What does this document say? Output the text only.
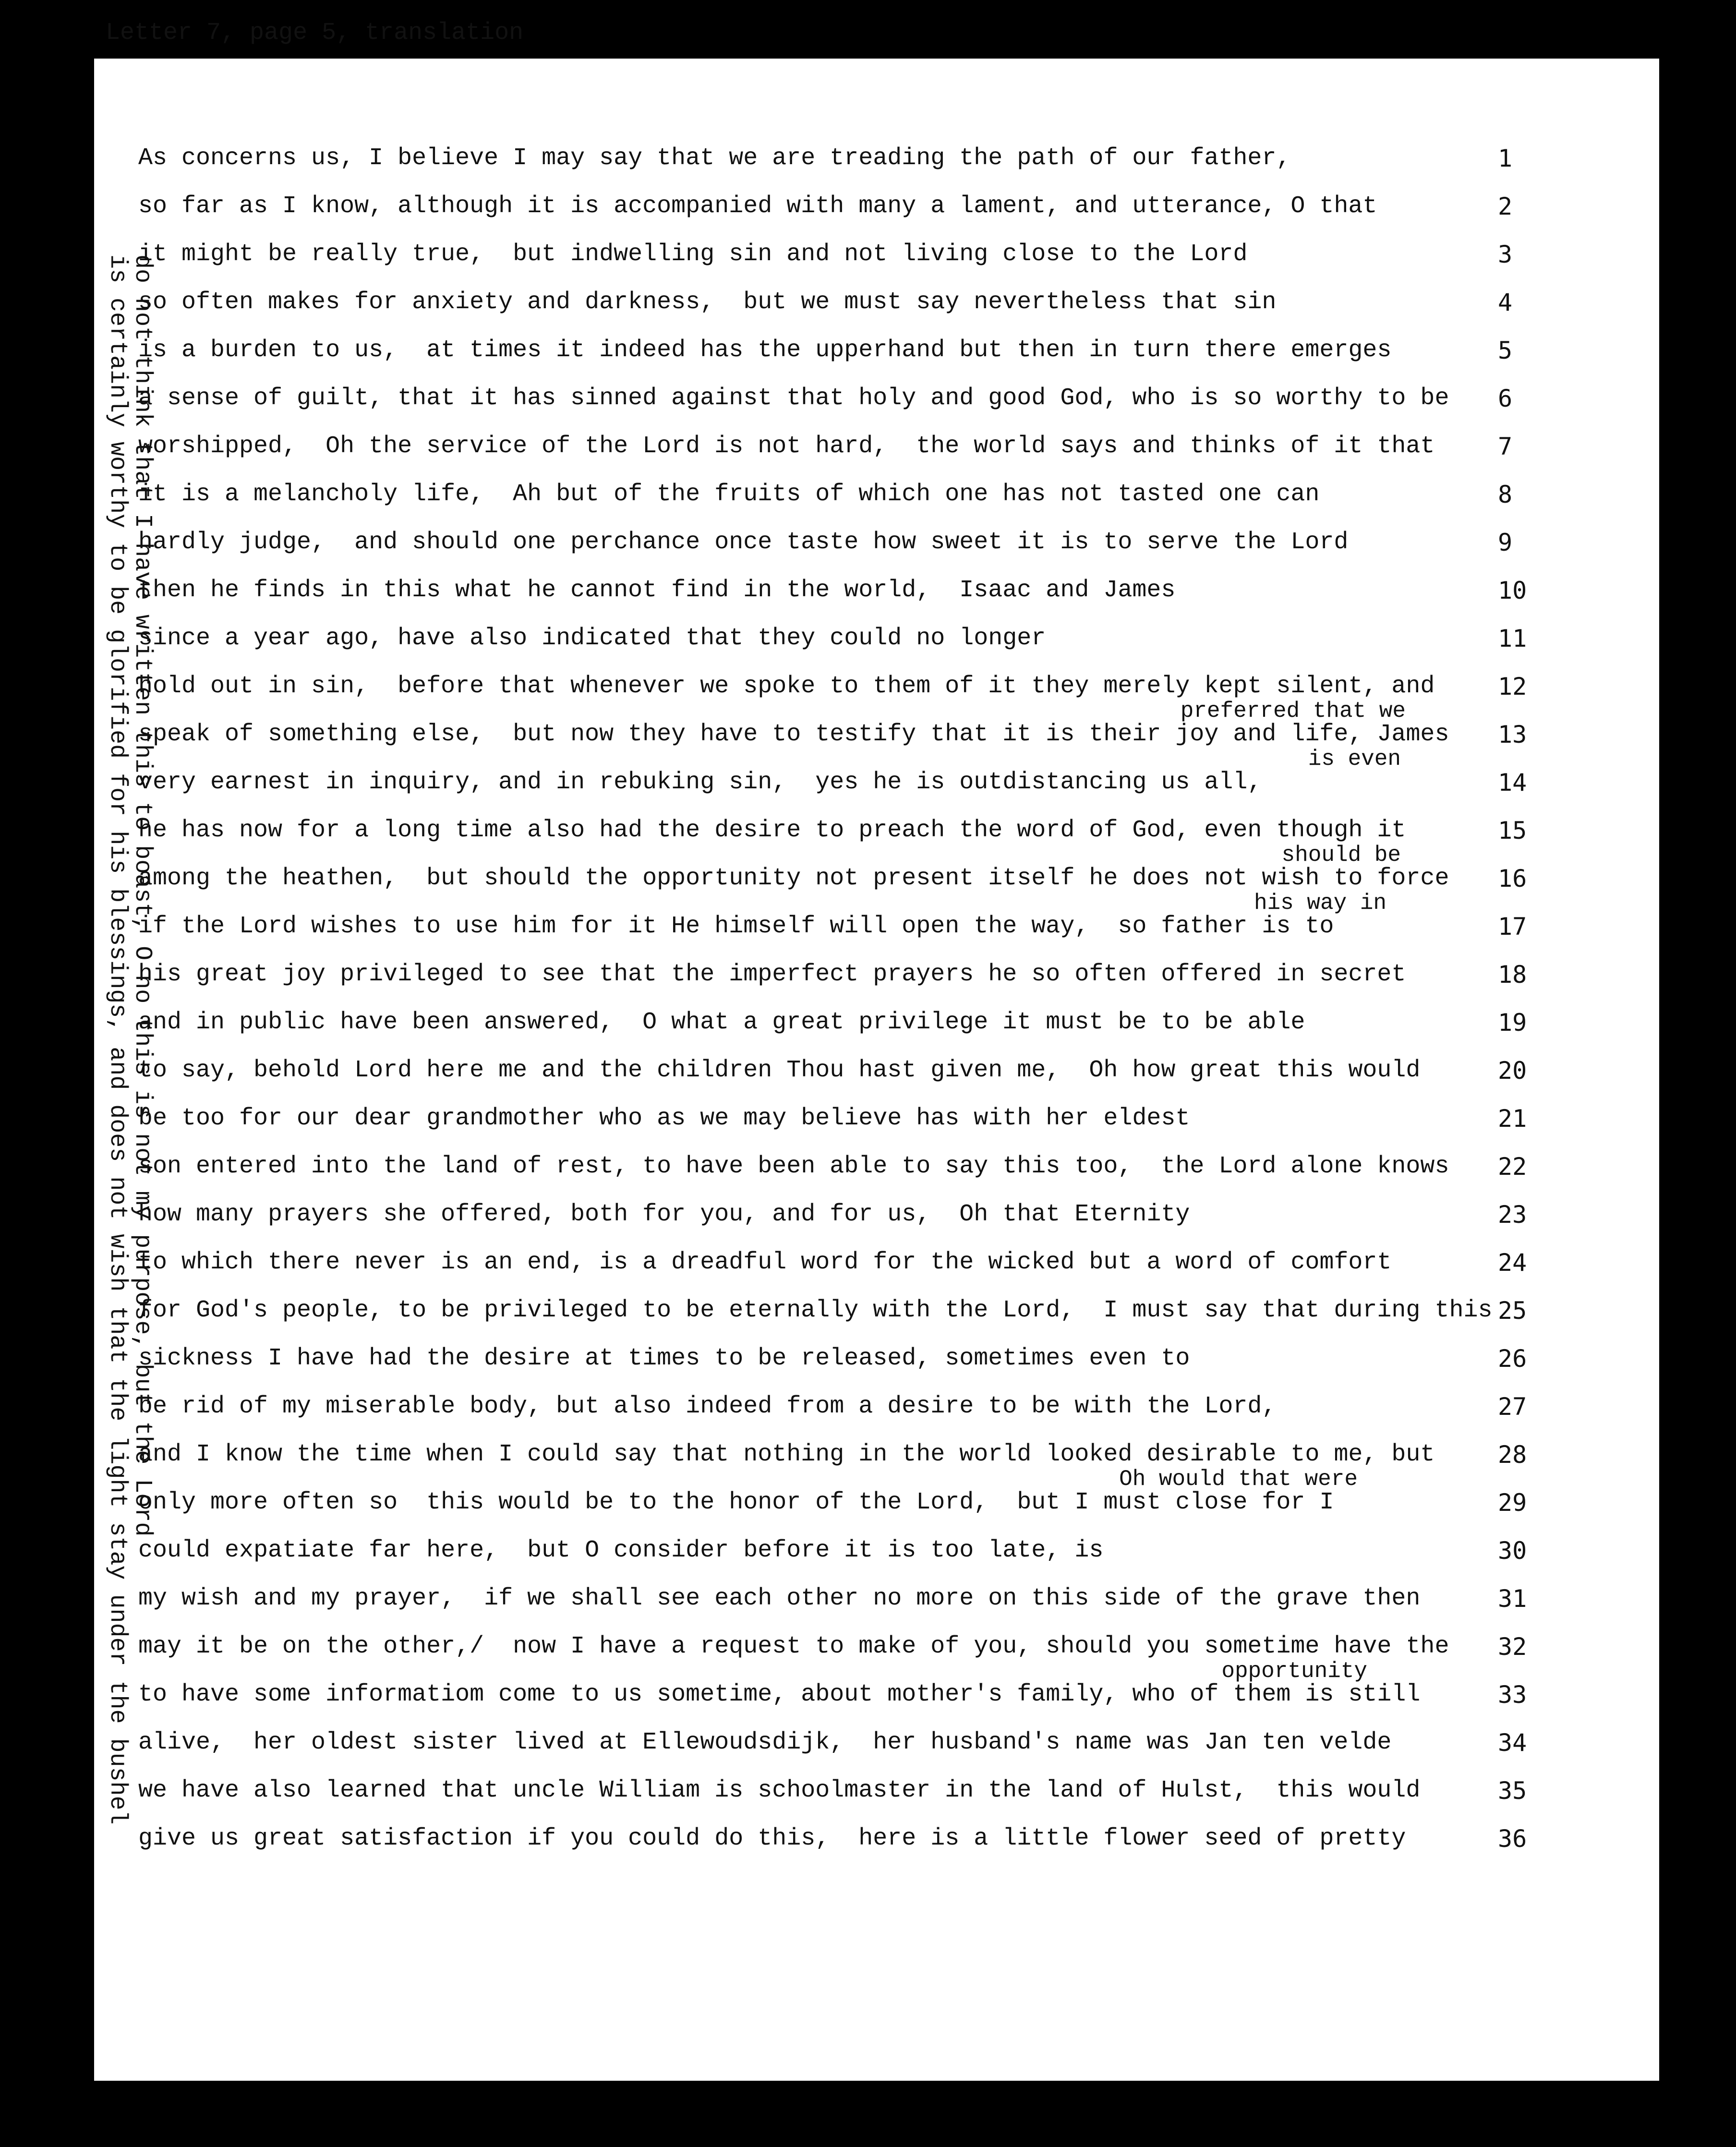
Letter 7, page 5, translation
do not think that I have written this to boast, O no this is not my purpose, but the Lord
is certainly worthy to be glorified for his blessings, and does not wish that the light stay under the bushel
As concerns us, I believe I may say that we are treading the path of our father,
so far as I know, although it is accompanied with many a lament, and utterance, O that
it might be really true,  but indwelling sin and not living close to the Lord
so often makes for anxiety and darkness,  but we must say nevertheless that sin
is a burden to us,  at times it indeed has the upperhand but then in turn there emerges
a sense of guilt, that it has sinned against that holy and good God, who is so worthy to be
worshipped,  Oh the service of the Lord is not hard,  the world says and thinks of it that
it is a melancholy life,  Ah but of the fruits of which one has not tasted one can
hardly judge,  and should one perchance once taste how sweet it is to serve the Lord
then he finds in this what he cannot find in the world,  Isaac and James
since a year ago, have also indicated that they could no longer
hold out in sin,  before that whenever we spoke to them of it they merely kept silent, and
preferred that we
speak of something else,  but now they have to testify that it is their joy and life, James
is even
very earnest in inquiry, and in rebuking sin,  yes he is outdistancing us all,
he has now for a long time also had the desire to preach the word of God, even though it
should be
among the heathen,  but should the opportunity not present itself he does not wish to force
his way in
if the Lord wishes to use him for it He himself will open the way,  so father is to
his great joy privileged to see that the imperfect prayers he so often offered in secret
and in public have been answered,  O what a great privilege it must be to be able
to say, behold Lord here me and the children Thou hast given me,  Oh how great this would
be too for our dear grandmother who as we may believe has with her eldest
son entered into the land of rest, to have been able to say this too,  the Lord alone knows
how many prayers she offered, both for you, and for us,  Oh that Eternity
to which there never is an end, is a dreadful word for the wicked but a word of comfort
for God's people, to be privileged to be eternally with the Lord,  I must say that during this
sickness I have had the desire at times to be released, sometimes even to
be rid of my miserable body, but also indeed from a desire to be with the Lord,
and I know the time when I could say that nothing in the world looked desirable to me, but
Oh would that were
only more often so  this would be to the honor of the Lord,  but I must close for I
could expatiate far here,  but O consider before it is too late, is
my wish and my prayer,  if we shall see each other no more on this side of the grave then
may it be on the other,/  now I have a request to make of you, should you sometime have the
opportunity
to have some informatiom come to us sometime, about mother's family, who of them is still
alive,  her oldest sister lived at Ellewoudsdijk,  her husband's name was Jan ten velde
we have also learned that uncle William is schoolmaster in the land of Hulst,  this would
give us great satisfaction if you could do this,  here is a little flower seed of pretty
1
2
3
4
5
6
7
8
9
10
11
12
13
14
15
16
17
18
19
20
21
22
23
24
25
26
27
28
29
30
31
32
33
34
35
36
